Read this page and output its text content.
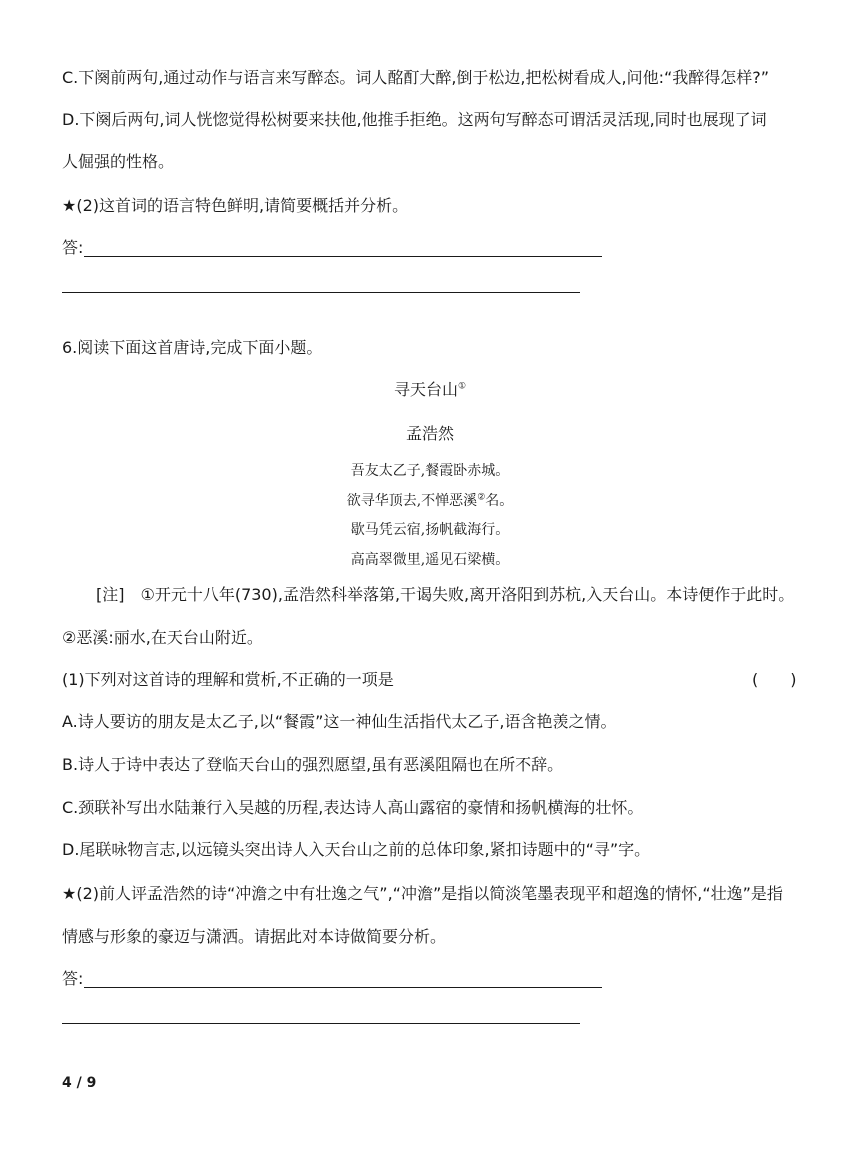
C.下阕前两句,通过动作与语言来写醉态。词人酩酊大醉,倒于松边,把松树看成人,问他:“我醉得怎样?”
D.下阕后两句,词人恍惚觉得松树要来扶他,他推手拒绝。这两句写醉态可谓活灵活现,同时也展现了词
人倔强的性格。
★(2)这首词的语言特色鲜明,请简要概括并分析。
答:
6.阅读下面这首唐诗,完成下面小题。
寻天台山①
孟浩然
吾友太乙子,餐霞卧赤城。
欲寻华顶去,不惮恶溪②名。
歇马凭云宿,扬帆截海行。
高高翠微里,遥见石梁横。
[注]　①开元十八年(730),孟浩然科举落第,干谒失败,离开洛阳到苏杭,入天台山。本诗便作于此时。
②恶溪:丽水,在天台山附近。
(1)下列对这首诗的理解和赏析,不正确的一项是	(　　)
A.诗人要访的朋友是太乙子,以“餐霞”这一神仙生活指代太乙子,语含艳羡之情。
B.诗人于诗中表达了登临天台山的强烈愿望,虽有恶溪阻隔也在所不辞。
C.颈联补写出水陆兼行入吴越的历程,表达诗人高山露宿的豪情和扬帆横海的壮怀。
D.尾联咏物言志,以远镜头突出诗人入天台山之前的总体印象,紧扣诗题中的“寻”字。
★(2)前人评孟浩然的诗“冲澹之中有壮逸之气”,“冲澹”是指以简淡笔墨表现平和超逸的情怀,“壮逸”是指
情感与形象的豪迈与潇洒。请据此对本诗做简要分析。
答:
4 / 9
